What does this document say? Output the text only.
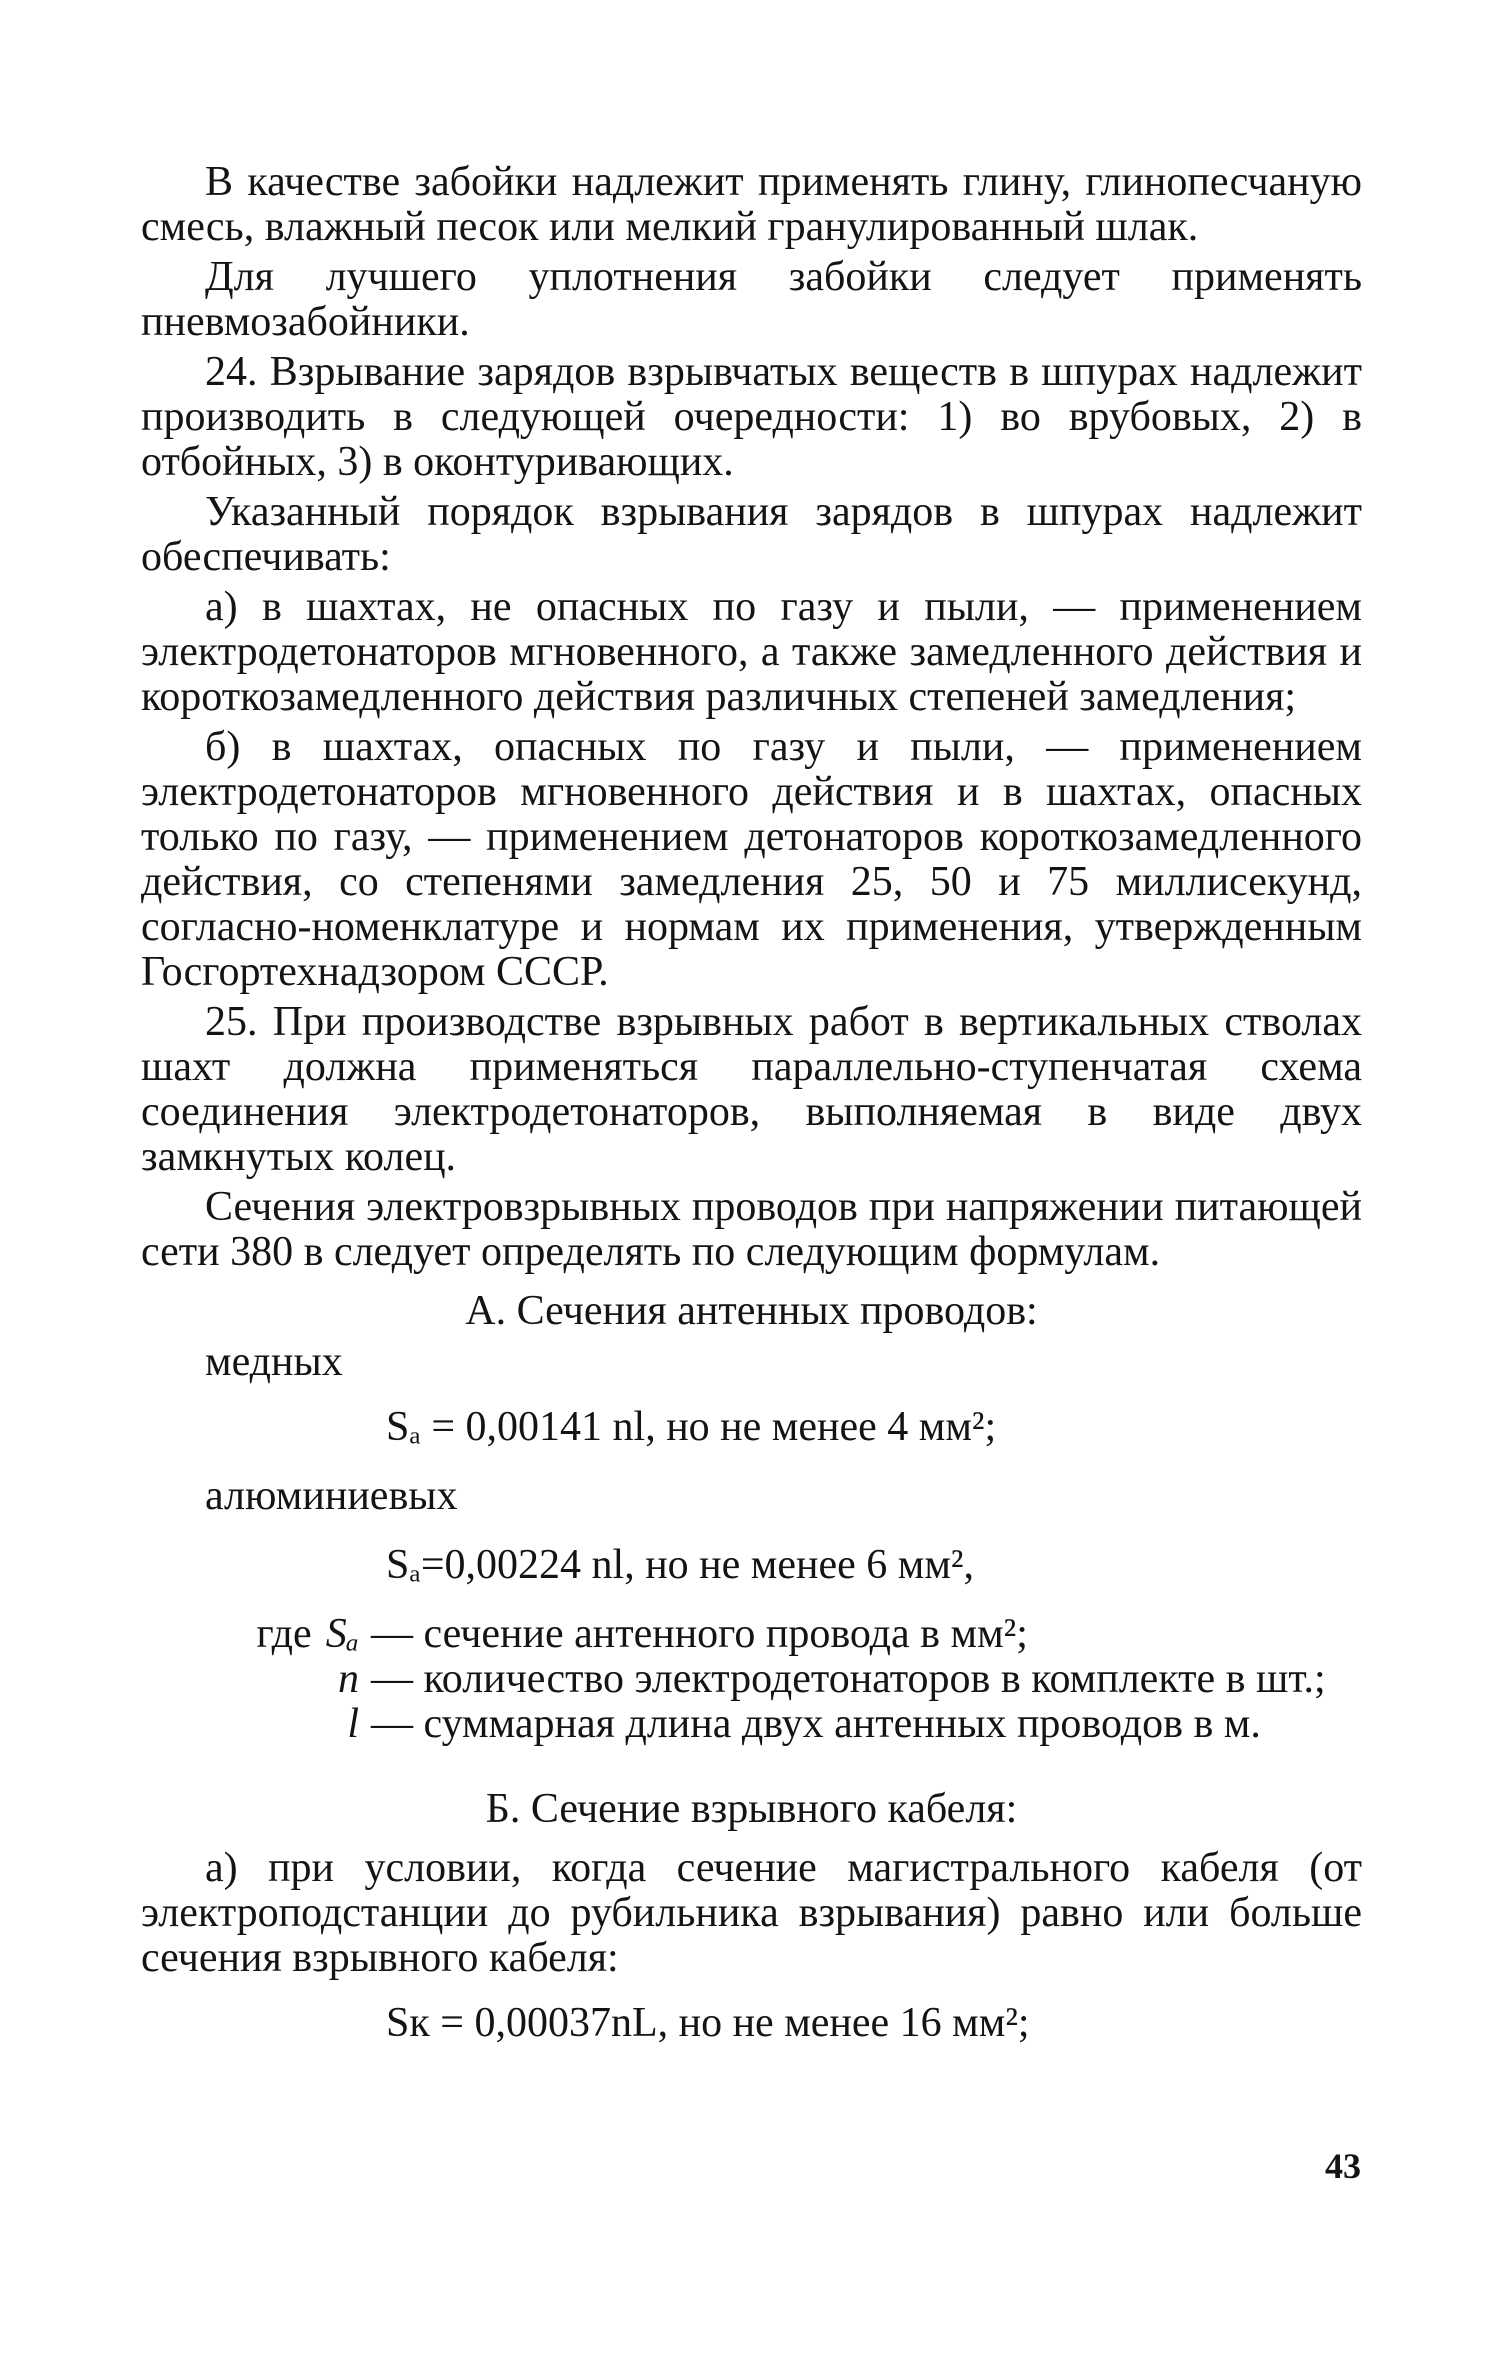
В качестве забойки надлежит применять глину, глинопесчаную смесь, влажный песок или мелкий гранулированный шлак.

Для лучшего уплотнения забойки следует применять пневмозабойники.

24. Взрывание зарядов взрывчатых веществ в шпурах надлежит производить в следующей очередности: 1) во врубовых, 2) в отбойных, 3) в оконтуривающих.

Указанный порядок взрывания зарядов в шпурах надлежит обеспечивать:

а) в шахтах, не опасных по газу и пыли, — применением электродетонаторов мгновенного, а также замедленного действия и короткозамедленного действия различных степеней замедления;

б) в шахтах, опасных по газу и пыли, — применением электродетонаторов мгновенного действия и в шахтах, опасных только по газу, — применением детонаторов короткозамедленного действия, со степенями замедления 25, 50 и 75 миллисекунд, согласно-номенклатуре и нормам их применения, утвержденным Госгортехнадзором СССР.

25. При производстве взрывных работ в вертикальных стволах шахт должна применяться параллельно-ступенчатая схема соединения электродетонаторов, выполняемая в виде двух замкнутых колец.

Сечения электровзрывных проводов при напряжении питающей сети 380 в следует определять по следующим формулам.

А. Сечения антенных проводов:

медных

Sₐ = 0,00141 nl, но не менее 4 мм²;

алюминиевых

Sₐ=0,00224 nl, но не менее 6 мм²,

где Sₐ — сечение антенного провода в мм²;
n — количество электродетонаторов в комплекте в шт.;
l — суммарная длина двух антенных проводов в м.

Б. Сечение взрывного кабеля:

а) при условии, когда сечение магистрального кабеля (от электроподстанции до рубильника взрывания) равно или больше сечения взрывного кабеля:

Sк = 0,00037nL, но не менее 16 мм²;

43
